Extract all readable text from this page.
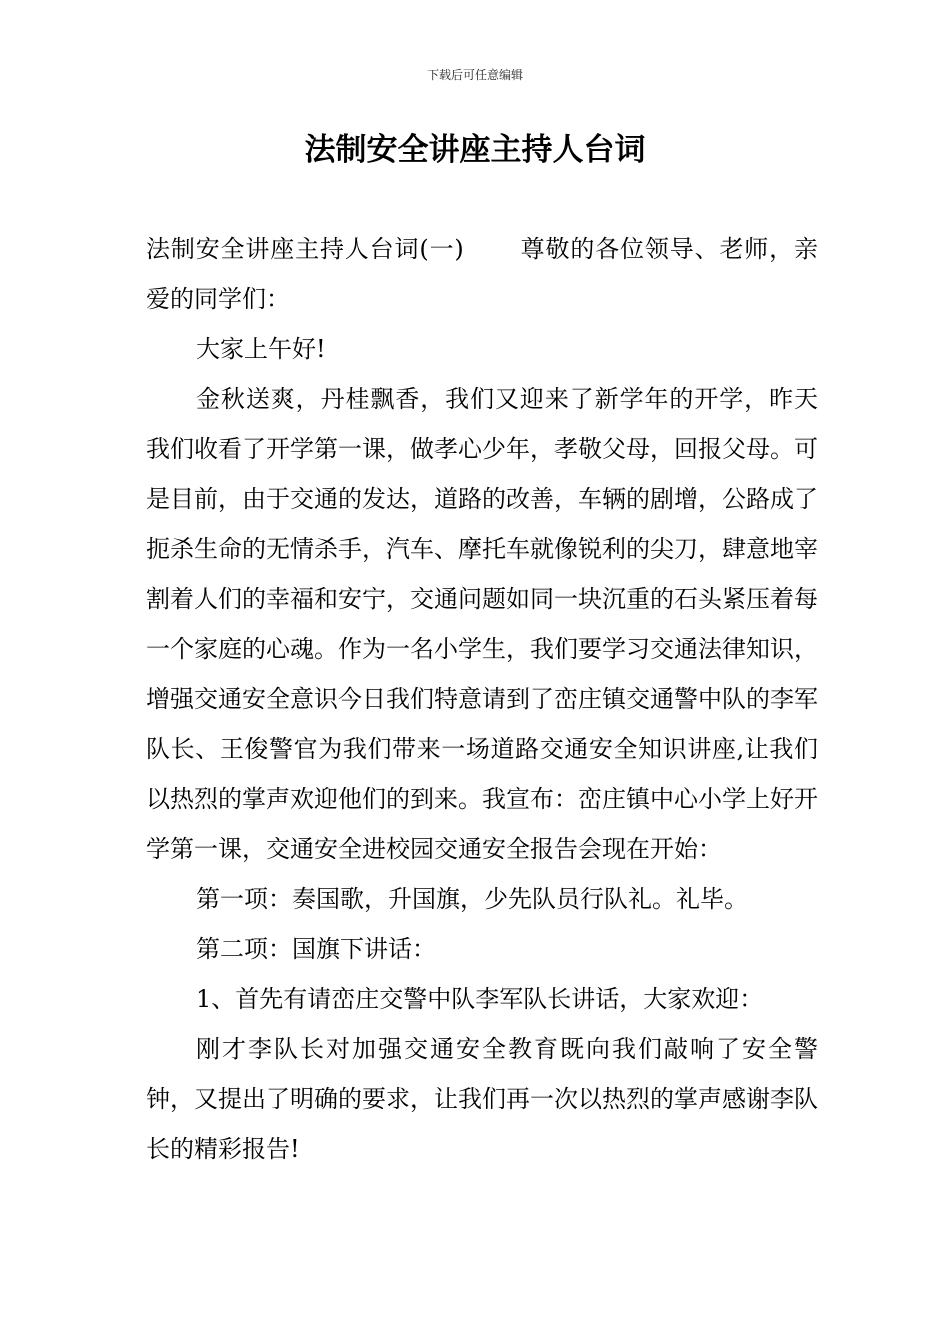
下载后可任意编辑
法制安全讲座主持人台词

法制安全讲座主持人台词(一) 尊敬的各位领导、老师，亲爱的同学们：

大家上午好!

金秋送爽，丹桂飘香，我们又迎来了新学年的开学，昨天我们收看了开学第一课，做孝心少年，孝敬父母，回报父母。可是目前，由于交通的发达，道路的改善，车辆的剧增，公路成了扼杀生命的无情杀手，汽车、摩托车就像锐利的尖刀，肆意地宰割着人们的幸福和安宁，交通问题如同一块沉重的石头紧压着每一个家庭的心魂。作为一名小学生，我们要学习交通法律知识，增强交通安全意识今日我们特意请到了峦庄镇交通警中队的李军队长、王俊警官为我们带来一场道路交通安全知识讲座,让我们以热烈的掌声欢迎他们的到来。我宣布：峦庄镇中心小学上好开学第一课，交通安全进校园交通安全报告会现在开始：

第一项：奏国歌，升国旗，少先队员行队礼。礼毕。

第二项：国旗下讲话：

1、首先有请峦庄交警中队李军队长讲话，大家欢迎：

刚才李队长对加强交通安全教育既向我们敲响了安全警钟，又提出了明确的要求，让我们再一次以热烈的掌声感谢李队长的精彩报告!
